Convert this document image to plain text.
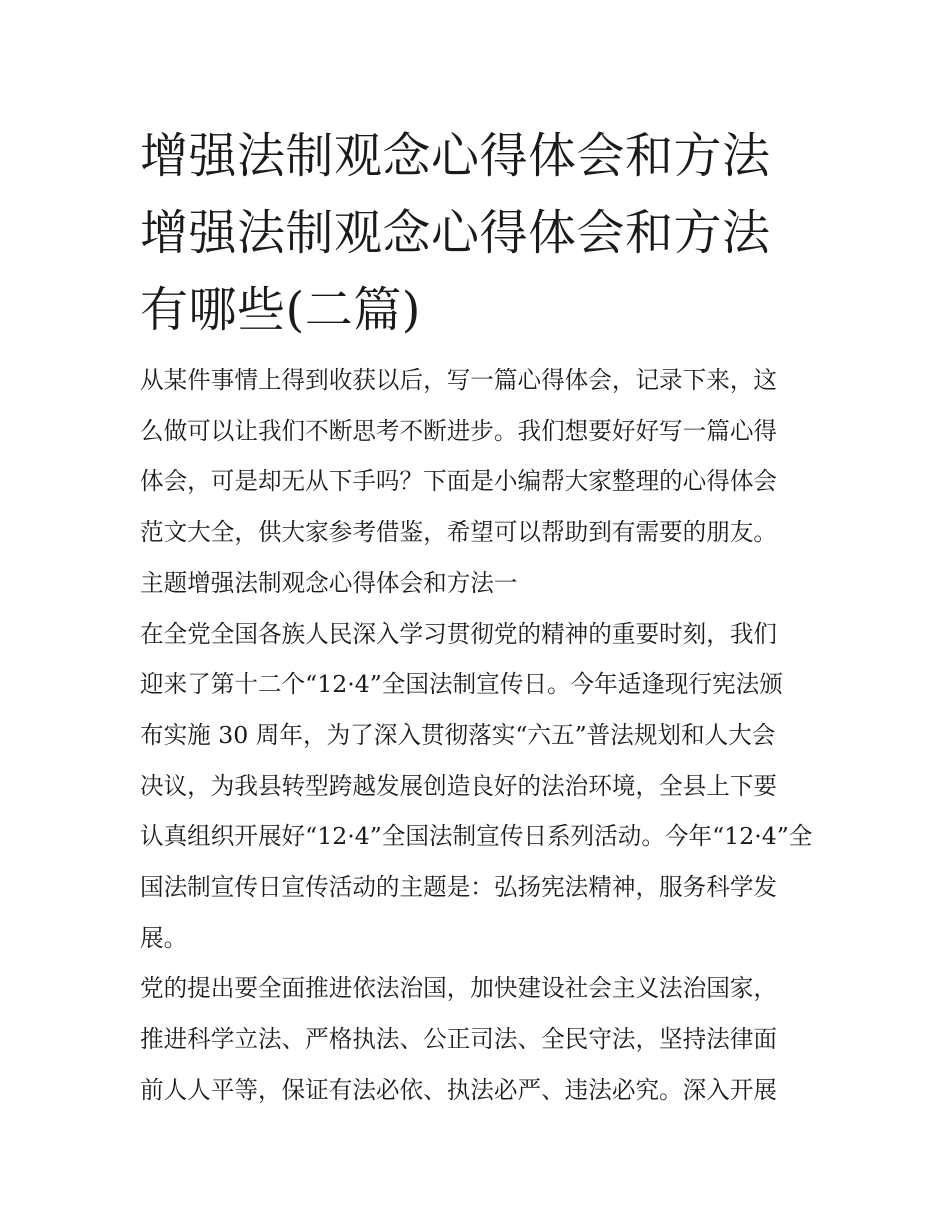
增强法制观念心得体会和方法
增强法制观念心得体会和方法
有哪些(二篇)

从某件事情上得到收获以后，写一篇心得体会，记录下来，这
么做可以让我们不断思考不断进步。我们想要好好写一篇心得
体会，可是却无从下手吗？下面是小编帮大家整理的心得体会
范文大全，供大家参考借鉴，希望可以帮助到有需要的朋友。

主题增强法制观念心得体会和方法一

在全党全国各族人民深入学习贯彻党的精神的重要时刻，我们
迎来了第十二个“12·4”全国法制宣传日。今年适逢现行宪法颁
布实施 30 周年，为了深入贯彻落实“六五”普法规划和人大会
决议，为我县转型跨越发展创造良好的法治环境，全县上下要
认真组织开展好“12·4”全国法制宣传日系列活动。今年“12·4”全
国法制宣传日宣传活动的主题是：弘扬宪法精神，服务科学发
展。

党的提出要全面推进依法治国，加快建设社会主义法治国家，
推进科学立法、严格执法、公正司法、全民守法，坚持法律面
前人人平等，保证有法必依、执法必严、违法必究。深入开展
